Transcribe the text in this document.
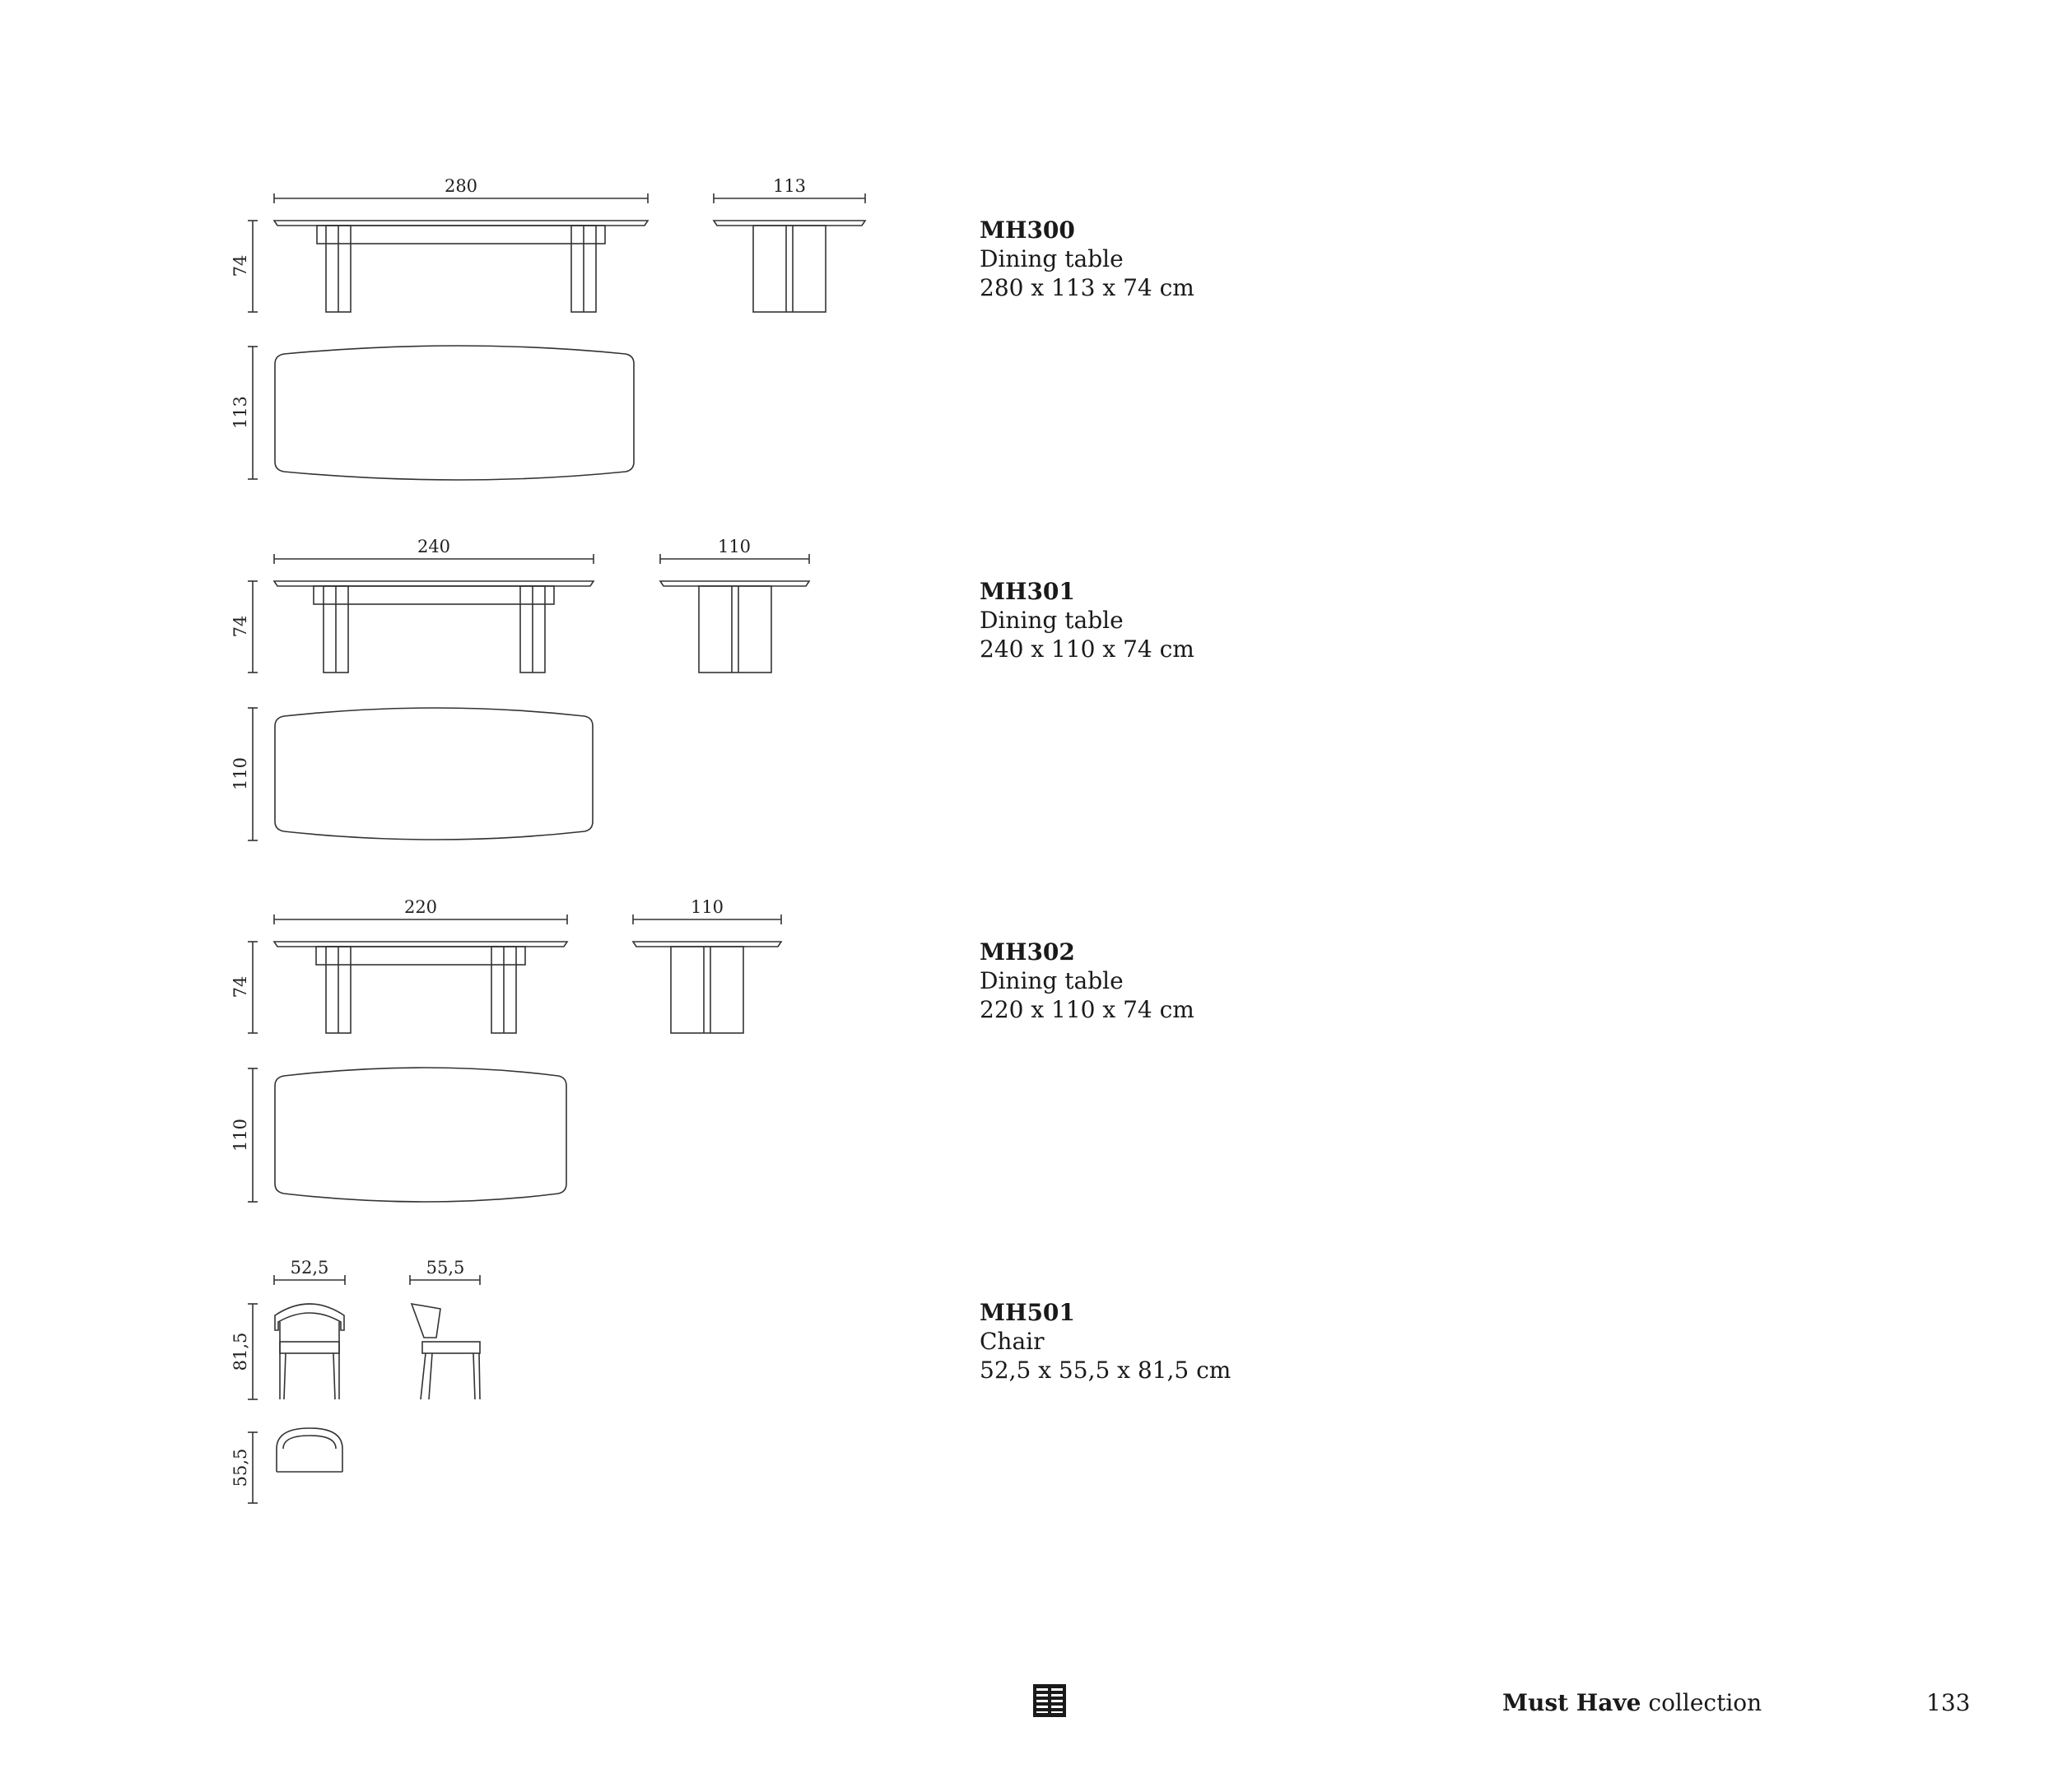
280	113
74
113
240	110
74
110
220	110
74
110
52,5	55,5
81,5
55,5
MH300
Dining table
280 x 113 x 74 cm
MH301
Dining table
240 x 110 x 74 cm
MH302
Dining table
220 x 110 x 74 cm
MH501
Chair
52,5 x 55,5 x 81,5 cm
Must Have collection	133
